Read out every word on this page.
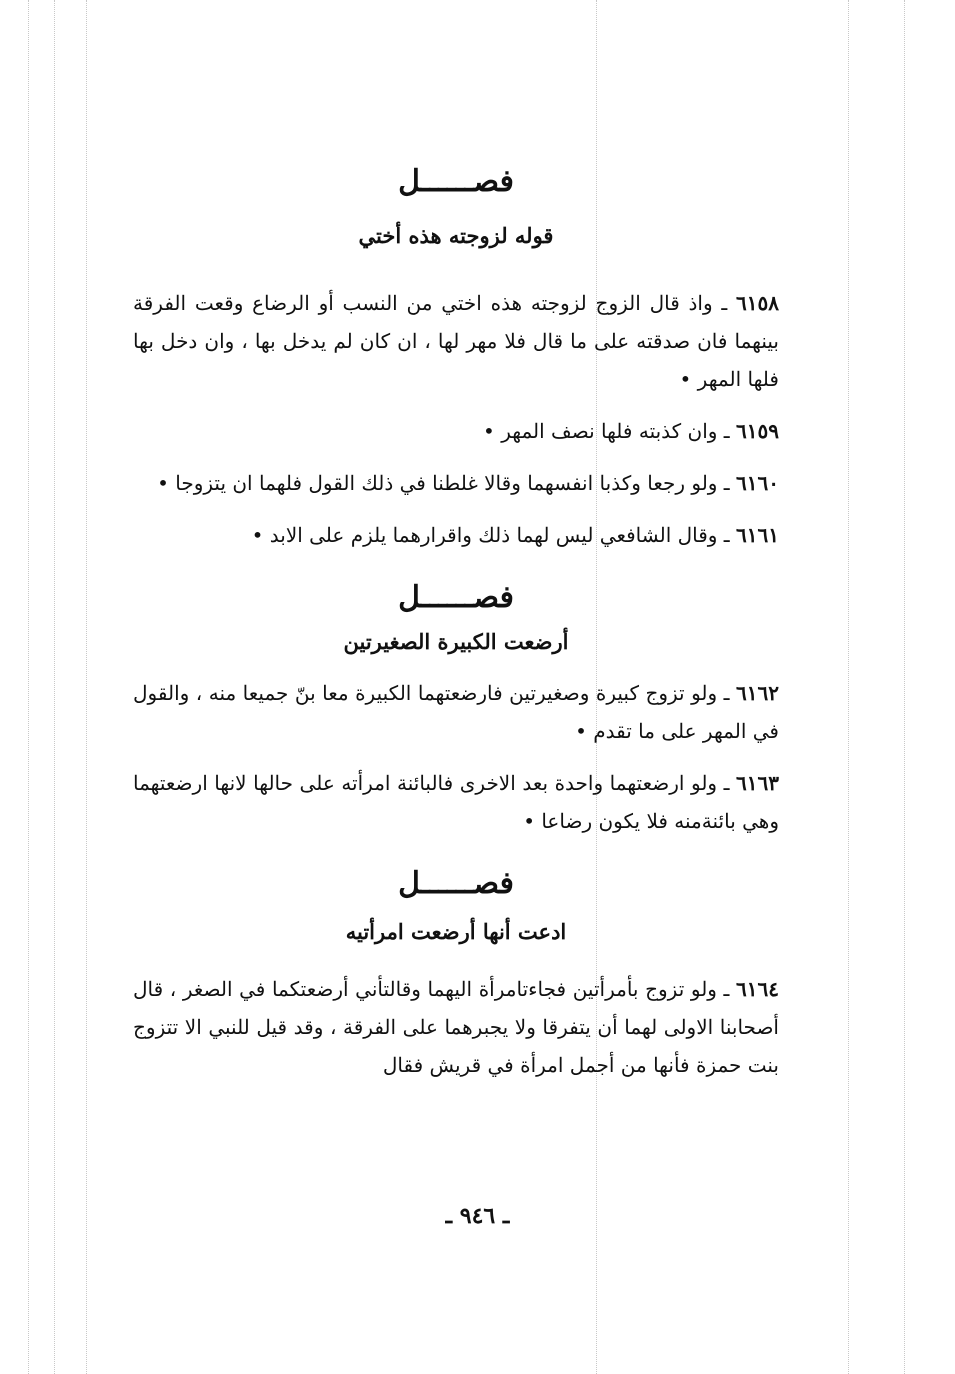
فصــــــل

قوله لزوجته هذه أختي

٦١٥٨ ـ واذ قال الزوج لزوجته هذه اختي من النسب أو الرضاع وقعت الفرقة بينهما فان صدقته على ما قال فلا مهر لها ، ان كان لم يدخل بها ، وان دخل بها فلها المهر •

٦١٥٩ ـ وان كذبته فلها نصف المهر •

٦١٦٠ ـ ولو رجعا وكذبا انفسهما وقالا غلطنا في ذلك القول فلهما ان يتزوجا •

٦١٦١ ـ وقال الشافعي ليس لهما ذلك واقرارهما يلزم على الابد •

فصــــــل

أرضعت الكبيرة الصغيرتين

٦١٦٢ ـ ولو تزوج كبيرة وصغيرتين فارضعتهما الكبيرة معا بنّ جميعا منه ، والقول في المهر على ما تقدم •

٦١٦٣ ـ ولو ارضعتهما واحدة بعد الاخرى فالبائنة امرأته على حالها لانها ارضعتهما وهي بائنةمنه فلا يكون رضاعا •

فصــــــل

ادعت أنها أرضعت امرأتيه

٦١٦٤ ـ ولو تزوج بأمرأتين فجاءتامرأة اليهما وقالتأني أرضعتكما في الصغر ، قال أصحابنا الاولى لهما أن يتفرقا ولا يجبرهما على الفرقة ، وقد قيل للنبي الا تتزوج بنت حمزة فأنها من أجمل امرأة في قريش فقال

ـ ٩٤٦ ـ
